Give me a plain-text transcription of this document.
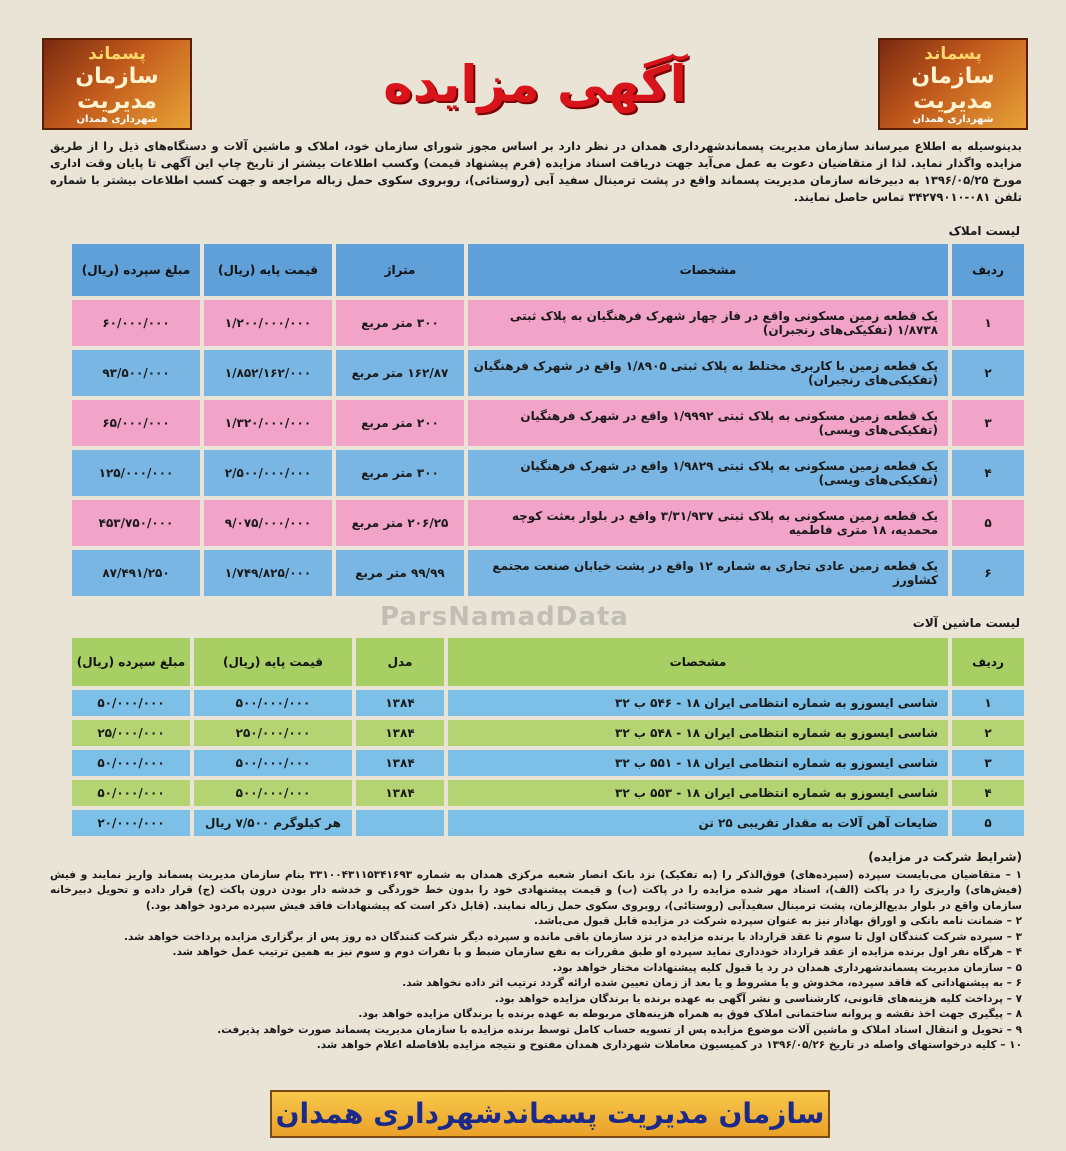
پسماند
سازمان مدیریت
شهرداری همدان
پسماند
سازمان مدیریت
شهرداری همدان
آگهی مزایده
بدینوسیله به اطلاع میرساند سازمان مدیریت پسماندشهرداری همدان در نظر دارد بر اساس مجوز شورای سازمان خود، املاک و ماشین آلات و دستگاه‌های ذیل را از طریق مزایده واگذار نماید. لذا از متقاضیان دعوت به عمل می‌آید جهت دریافت اسناد مزایده (فرم پیشنهاد قیمت) وکسب اطلاعات بیشتر از تاریخ چاپ این آگهی تا پایان وقت اداری مورخ ۱۳۹۶/۰۵/۲۵ به دبیرخانه سازمان مدیریت پسماند واقع در پشت ترمینال سفید آبی (روستائی)، روبروی سکوی حمل زباله مراجعه و جهت کسب اطلاعات بیشتر با شماره تلفن ۰۸۱-۳۴۲۷۹۰۱۰ تماس حاصل نمایند.
لیست املاک
ردیف	مشخصات	متراژ	قیمت پایه (ریال)	مبلغ سپرده (ریال)
۱	یک قطعه زمین مسکونی واقع در فاز چهار شهرک فرهنگیان به پلاک ثبتی ۱/۸۷۳۸ (تفکیکی‌های رنجبران)	۳۰۰ متر مربع	۱/۲۰۰/۰۰۰/۰۰۰	۶۰/۰۰۰/۰۰۰
۲	یک قطعه زمین با کاربری مختلط به پلاک ثبتی ۱/۸۹۰۵ واقع در شهرک فرهنگیان (تفکیکی‌های رنجبران)	۱۶۲/۸۷ متر مربع	۱/۸۵۲/۱۶۲/۰۰۰	۹۳/۵۰۰/۰۰۰
۳	یک قطعه زمین مسکونی به پلاک ثبتی ۱/۹۹۹۲ واقع در شهرک فرهنگیان (تفکیکی‌های ویسی)	۲۰۰ متر مربع	۱/۳۲۰/۰۰۰/۰۰۰	۶۵/۰۰۰/۰۰۰
۴	یک قطعه زمین مسکونی به پلاک ثبتی ۱/۹۸۲۹ واقع در شهرک فرهنگیان (تفکیکی‌های ویسی)	۳۰۰ متر مربع	۲/۵۰۰/۰۰۰/۰۰۰	۱۲۵/۰۰۰/۰۰۰
۵	یک قطعه زمین مسکونی به پلاک ثبتی ۳/۳۱/۹۳۷ واقع در بلوار بعثت کوچه محمدیه، ۱۸ متری فاطمیه	۲۰۶/۲۵ متر مربع	۹/۰۷۵/۰۰۰/۰۰۰	۴۵۳/۷۵۰/۰۰۰
۶	یک قطعه زمین عادی تجاری به شماره ۱۲ واقع در پشت خیابان صنعت مجتمع کشاورز	۹۹/۹۹ متر مربع	۱/۷۴۹/۸۲۵/۰۰۰	۸۷/۴۹۱/۲۵۰
ParsNamadData	لیست ماشین آلات
ردیف	مشخصات	مدل	قیمت پایه (ریال)	مبلغ سپرده (ریال)
۱	شاسی ایسوزو به شماره انتظامی ایران ۱۸ - ۵۴۶ ب ۳۲	۱۳۸۴	۵۰۰/۰۰۰/۰۰۰	۵۰/۰۰۰/۰۰۰
۲	شاسی ایسوزو به شماره انتظامی ایران ۱۸ - ۵۴۸ ب ۳۲	۱۳۸۴	۲۵۰/۰۰۰/۰۰۰	۲۵/۰۰۰/۰۰۰
۳	شاسی ایسوزو به شماره انتظامی ایران ۱۸ - ۵۵۱ ب ۳۲	۱۳۸۴	۵۰۰/۰۰۰/۰۰۰	۵۰/۰۰۰/۰۰۰
۴	شاسی ایسوزو به شماره انتظامی ایران ۱۸ - ۵۵۳ ب ۳۲	۱۳۸۴	۵۰۰/۰۰۰/۰۰۰	۵۰/۰۰۰/۰۰۰
۵	ضایعات آهن آلات به مقدار تقریبی ۲۵ تن		هر کیلوگرم ۷/۵۰۰ ریال	۲۰/۰۰۰/۰۰۰

(شرایط شرکت در مزایده)

۱ – متقاضیان می‌بایست سپرده (سپرده‌های) فوق‌الذکر را (به تفکیک) نزد بانک انصار شعبه مرکزی همدان به شماره ۳۳۱۰۰۴۳۱۱۵۳۴۱۶۹۳ بنام سازمان مدیریت پسماند واریز نمایند و فیش (فیش‌های) واریزی را در پاکت (الف)، اسناد مهر شده مزایده را در پاکت (ب) و قیمت پیشنهادی خود را بدون خط خوردگی و خدشه دار بودن درون پاکت (ج) قرار داده و تحویل دبیرخانه سازمان واقع در بلوار بدیع‌الزمان، پشت ترمینال سفیدآبی (روستائی)، روبروی سکوی حمل زباله نمایند. (قابل ذکر است که پیشنهادات فاقد فیش سپرده مردود خواهد بود.)

۲ – ضمانت نامه بانکی و اوراق بهادار نیز به عنوان سپرده شرکت در مزایده قابل قبول می‌باشد.

۳ – سپرده شرکت کنندگان اول تا سوم تا عقد قرارداد با برنده مزایده در نزد سازمان باقی مانده و سپرده دیگر شرکت کنندگان ده روز پس از برگزاری مزایده پرداخت خواهد شد.

۴ – هرگاه نفر اول برنده مزایده از عقد قرارداد خودداری نماید سپرده او طبق مقررات به نفع سازمان ضبط و با نفرات دوم و سوم نیز به همین ترتیب عمل خواهد شد.

۵ – سازمان مدیریت پسماندشهرداری همدان در رد یا قبول کلیه پیشنهادات مختار خواهد بود.

۶ – به پیشنهاداتی که فاقد سپرده، مخدوش و یا مشروط و یا بعد از زمان تعیین شده ارائه گردد ترتیب اثر داده نخواهد شد.

۷ – پرداخت کلیه هزینه‌های قانونی، کارشناسی و نشر آگهی به عهده برنده یا برندگان مزایده خواهد بود.

۸ – پیگیری جهت اخذ نقشه و پروانه ساختمانی املاک فوق به همراه هزینه‌های مربوطه به عهده برنده یا برندگان مزایده خواهد بود.

۹ – تحویل و انتقال اسناد املاک و ماشین آلات موضوع مزایده پس از تسویه حساب کامل توسط برنده مزایده با سازمان مدیریت پسماند صورت خواهد پذیرفت.

۱۰ – کلیه درخواستهای واصله در تاریخ ۱۳۹۶/۰۵/۲۶ در کمیسیون معاملات شهرداری همدان مفتوح و نتیجه مزایده بلافاصله اعلام خواهد شد.

سازمان مدیریت پسماندشهرداری همدان
